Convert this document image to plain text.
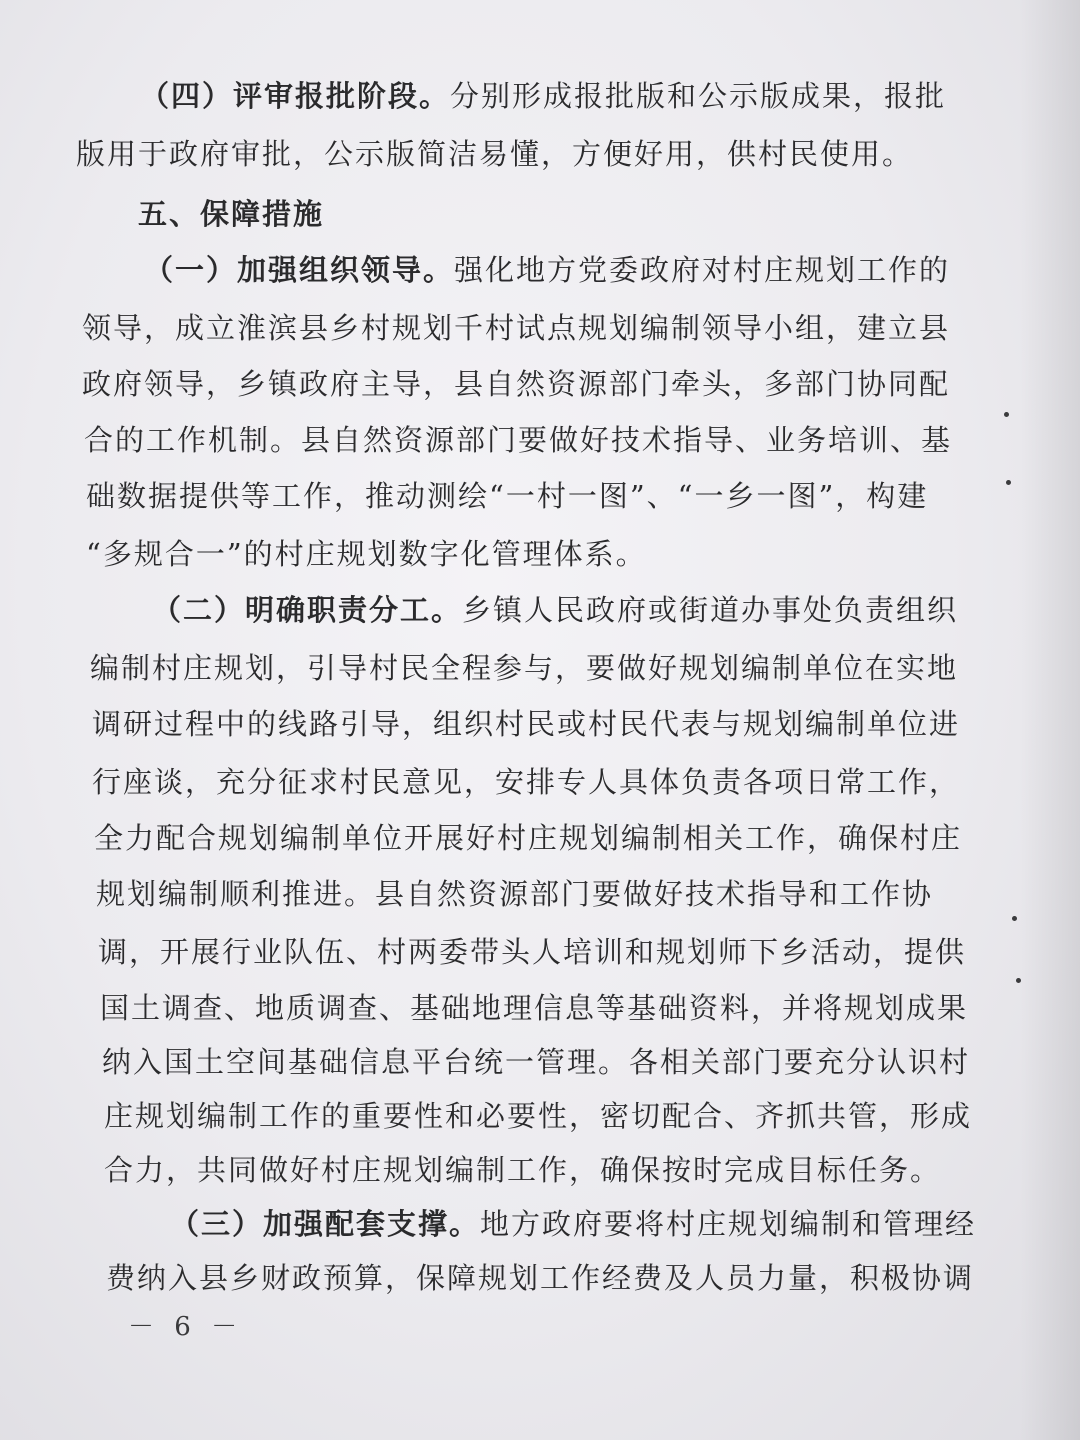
（四）评审报批阶段。分别形成报批版和公示版成果，报批
版用于政府审批，公示版简洁易懂，方便好用，供村民使用。
五、保障措施
（一）加强组织领导。强化地方党委政府对村庄规划工作的
领导，成立淮滨县乡村规划千村试点规划编制领导小组，建立县
政府领导，乡镇政府主导，县自然资源部门牵头，多部门协同配
合的工作机制。县自然资源部门要做好技术指导、业务培训、基
础数据提供等工作，推动测绘“一村一图”、“一乡一图”，构建
“多规合一”的村庄规划数字化管理体系。
（二）明确职责分工。乡镇人民政府或街道办事处负责组织
编制村庄规划，引导村民全程参与，要做好规划编制单位在实地
调研过程中的线路引导，组织村民或村民代表与规划编制单位进
行座谈，充分征求村民意见，安排专人具体负责各项日常工作，
全力配合规划编制单位开展好村庄规划编制相关工作，确保村庄
规划编制顺利推进。县自然资源部门要做好技术指导和工作协
调，开展行业队伍、村两委带头人培训和规划师下乡活动，提供
国土调查、地质调查、基础地理信息等基础资料，并将规划成果
纳入国土空间基础信息平台统一管理。各相关部门要充分认识村
庄规划编制工作的重要性和必要性，密切配合、齐抓共管，形成
合力，共同做好村庄规划编制工作，确保按时完成目标任务。
（三）加强配套支撑。地方政府要将村庄规划编制和管理经
费纳入县乡财政预算，保障规划工作经费及人员力量，积极协调
－ 6 －
